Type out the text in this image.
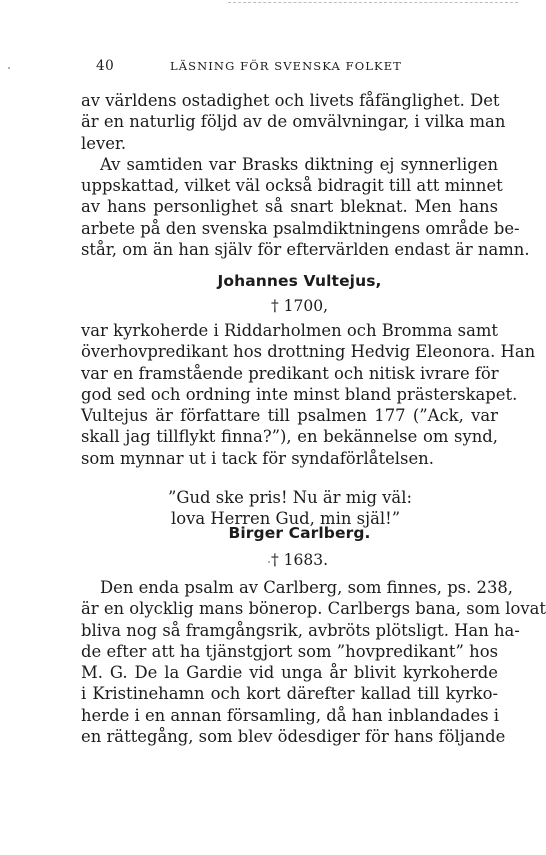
40	LÄSNING FÖR SVENSKA FOLKET
av världens ostadighet och livets fåfänglighet. Det
är en naturlig följd av de omvälvningar, i vilka man
lever.
Av samtiden var Brasks diktning ej synnerligen
uppskattad, vilket väl också bidragit till att minnet
av hans personlighet så snart bleknat. Men hans
arbete på den svenska psalmdiktningens område be-
står, om än han själv för eftervärlden endast är namn.
Johannes Vultejus,
† 1700,
var kyrkoherde i Riddarholmen och Bromma samt
överhovpredikant hos drottning Hedvig Eleonora. Han
var en framstående predikant och nitisk ivrare för
god sed och ordning inte minst bland prästerskapet.
Vultejus är författare till psalmen 177 (”Ack, var
skall jag tillflykt finna?”), en bekännelse om synd,
som mynnar ut i tack för syndaförlåtelsen.
”Gud ske pris! Nu är mig väl:
lova Herren Gud, min själ!”
Birger Carlberg.
† 1683.
Den enda psalm av Carlberg, som finnes, ps. 238,
är en olycklig mans bönerop. Carlbergs bana, som lovat
bliva nog så framgångsrik, avbröts plötsligt. Han ha-
de efter att ha tjänstgjort som ”hovpredikant” hos
M. G. De la Gardie vid unga år blivit kyrkoherde
i Kristinehamn och kort därefter kallad till kyrko-
herde i en annan församling, då han inblandades i
en rättegång, som blev ödesdiger för hans följande
